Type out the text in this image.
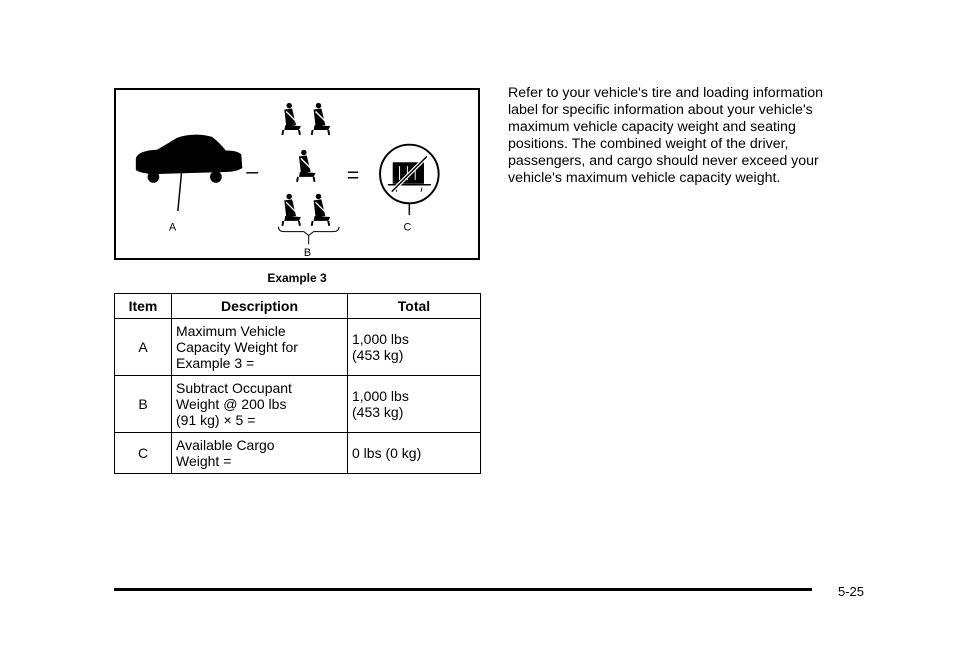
A
–
B
=
C
Example 3
Item	Description	Total
A	Maximum Vehicle
Capacity Weight for
Example 3 =	1,000 lbs
(453 kg)
B	Subtract Occupant
Weight @ 200 lbs
(91 kg) × 5 =	1,000 lbs
(453 kg)
C	Available Cargo
Weight =	0 lbs (0 kg)

Refer to your vehicle's tire and loading information
label for specific information about your vehicle's
maximum vehicle capacity weight and seating
positions. The combined weight of the driver,
passengers, and cargo should never exceed your
vehicle's maximum vehicle capacity weight.

5-25
